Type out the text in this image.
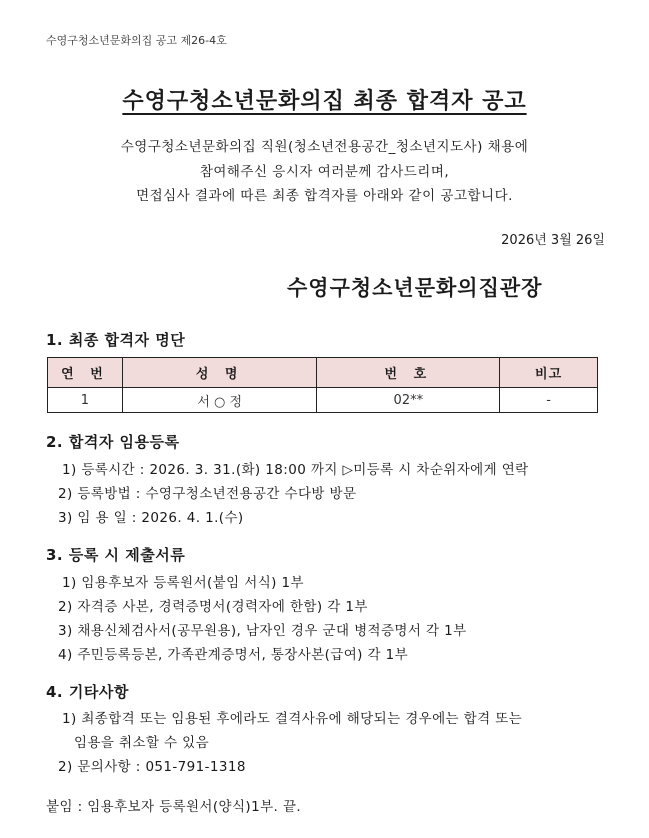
수영구청소년문화의집 공고 제26-4호
수영구청소년문화의집 최종 합격자 공고
수영구청소년문화의집 직원(청소년전용공간_청소년지도사) 채용에
참여해주신 응시자 여러분께 감사드리며,
면접심사 결과에 따른 최종 합격자를 아래와 같이 공고합니다.
2026년 3월 26일
수영구청소년문화의집관장
1. 최종 합격자 명단
연 번	성 명	번 호	비고
1	서 ○ 정	02**	-
2. 합격자 임용등록
1) 등록시간 : 2026. 3. 31.(화) 18:00 까지 ▷미등록 시 차순위자에게 연락
2) 등록방법 : 수영구청소년전용공간 수다방 방문
3) 임 용 일 : 2026. 4. 1.(수)
3. 등록 시 제출서류
1) 임용후보자 등록원서(붙임 서식) 1부
2) 자격증 사본, 경력증명서(경력자에 한함) 각 1부
3) 채용신체검사서(공무원용), 남자인 경우 군대 병적증명서 각 1부
4) 주민등록등본, 가족관계증명서, 통장사본(급여) 각 1부
4. 기타사항
1) 최종합격 또는 임용된 후에라도 결격사유에 해당되는 경우에는 합격 또는
임용을 취소할 수 있음
2) 문의사항 : 051-791-1318
붙임 : 임용후보자 등록원서(양식)1부. 끝.
